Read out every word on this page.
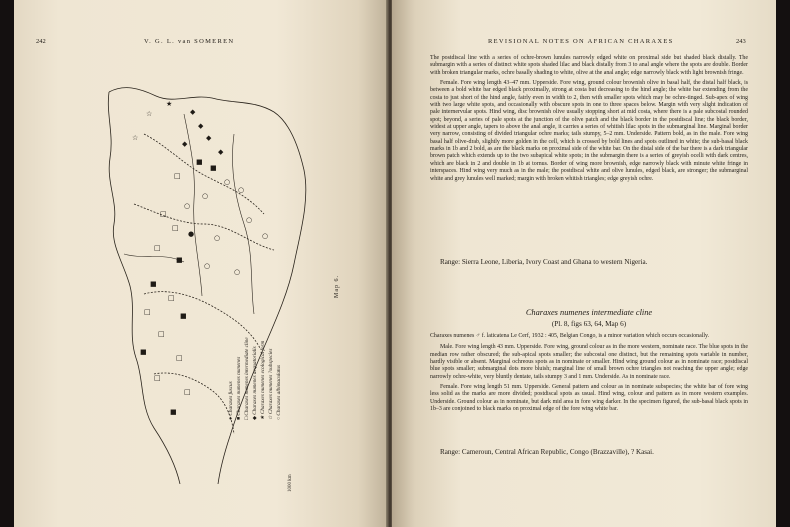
242	V. G. L. van SOMEREN
☆
☆
★
◆
◆
◆
◆
◆
■
■
□
○
○
○
○
□
□
●	○
○
○
□
■
○
○
■
□
□	■
□
■
□
□
□
■
● Charaxes fuscus
■ Charaxes numenes numenes
□ Charaxes numenes intermediate cline
◆ Charaxes numenes aequatorialis
★ Charaxes numenes ecological form
☆ Charaxes numenes ?subspecies
○ Charaxes albimaculatus
1000 km
Map 6.
REVISIONAL NOTES ON AFRICAN CHARAXES	243

The postdiscal line with a series of ochre-brown lunules narrowly edged white on proximal side but shaded black distally. The submargin with a series of distinct white spots shaded lilac and black distally from 3 to anal angle where the spots are double. Border with broken triangular marks, ochre basally shading to white, olive at the anal angle; edge narrowly black with light brownish fringe.

Female. Fore wing length 43–47 mm. Upperside. Fore wing, ground colour brownish olive in basal half, the distal half black, is between a bold white bar edged black proximally, strong at costa but decreasing to the hind angle; the white bar extending from the costa to just short of the hind angle, fairly even in width to 2, then with smaller spots which may be ochre-tinged. Sub-apex of wing with two large white spots, and occasionally with obscure spots in one to three spaces below. Margin with very slight indication of pale internervular spots. Hind wing, disc brownish olive usually stopping short at mid costa, where there is a pale subcostal rounded spot; beyond, a series of pale spots at the junction of the olive patch and the black border in the postdiscal line; the black border, widest at upper angle, tapers to above the anal angle, it carries a series of whitish lilac spots in the submarginal line. Marginal border very narrow, consisting of divided triangular ochre marks; tails stumpy, 5–2 mm. Underside. Pattern bold, as in the male. Fore wing basal half olive-drab, slightly more golden in the cell, which is crossed by bold lines and spots outlined in white; the sub-basal black marks in 1b and 2 bold, as are the black marks on proximal side of the white bar. On the distal side of the bar there is a dark triangular brown patch which extends up to the two subapical white spots; in the submargin there is a series of greyish ocelli with dark centres, which are black in 2 and double in 1b at tornus. Border of wing more brownish, edge narrowly black with minute white fringe in interspaces. Hind wing very much as in the male; the postdiscal white and olive lunules, edged black, are stronger; the submarginal white and grey lunules well marked; margin with broken whitish triangles; edge greyish ochre.

Range: Sierra Leone, Liberia, Ivory Coast and Ghana to western Nigeria.
Charaxes numenes intermediate cline
(Pl. 8, figs 63, 64, Map 6)

Charaxes numenes ♂ f. laticatena Le Cerf, 1932 : 405, Belgian Congo, is a minor variation which occurs occasionally.

Male. Fore wing length 43 mm. Upperside. Fore wing, ground colour as in the more western, nominate race. The blue spots in the median row rather obscured; the sub-apical spots smaller; the subcostal one distinct, but the remaining spots variable in number, hardly visible or absent. Marginal ochreous spots as in nominate or smaller. Hind wing ground colour as in nominate race; postdiscal blue spots smaller; submarginal dots more bluish; marginal line of small brown ochre triangles not reaching the upper angle; edge narrowly ochre-white, very bluntly dentate, tails stumpy 3 and 1 mm. Underside. As in nominate race.

Female. Fore wing length 51 mm. Upperside. General pattern and colour as in nominate subspecies; the white bar of fore wing less solid as the marks are more divided; postdiscal spots as usual. Hind wing, colour and pattern as in more western examples. Underside. Ground colour as in nominate, but dark mid area in fore wing darker. In the specimen figured, the sub-basal black spots in 1b–3 are conjoined to black marks on proximal edge of the fore wing white bar.

Range: Cameroun, Central African Republic, Congo (Brazzaville), ? Kasai.
